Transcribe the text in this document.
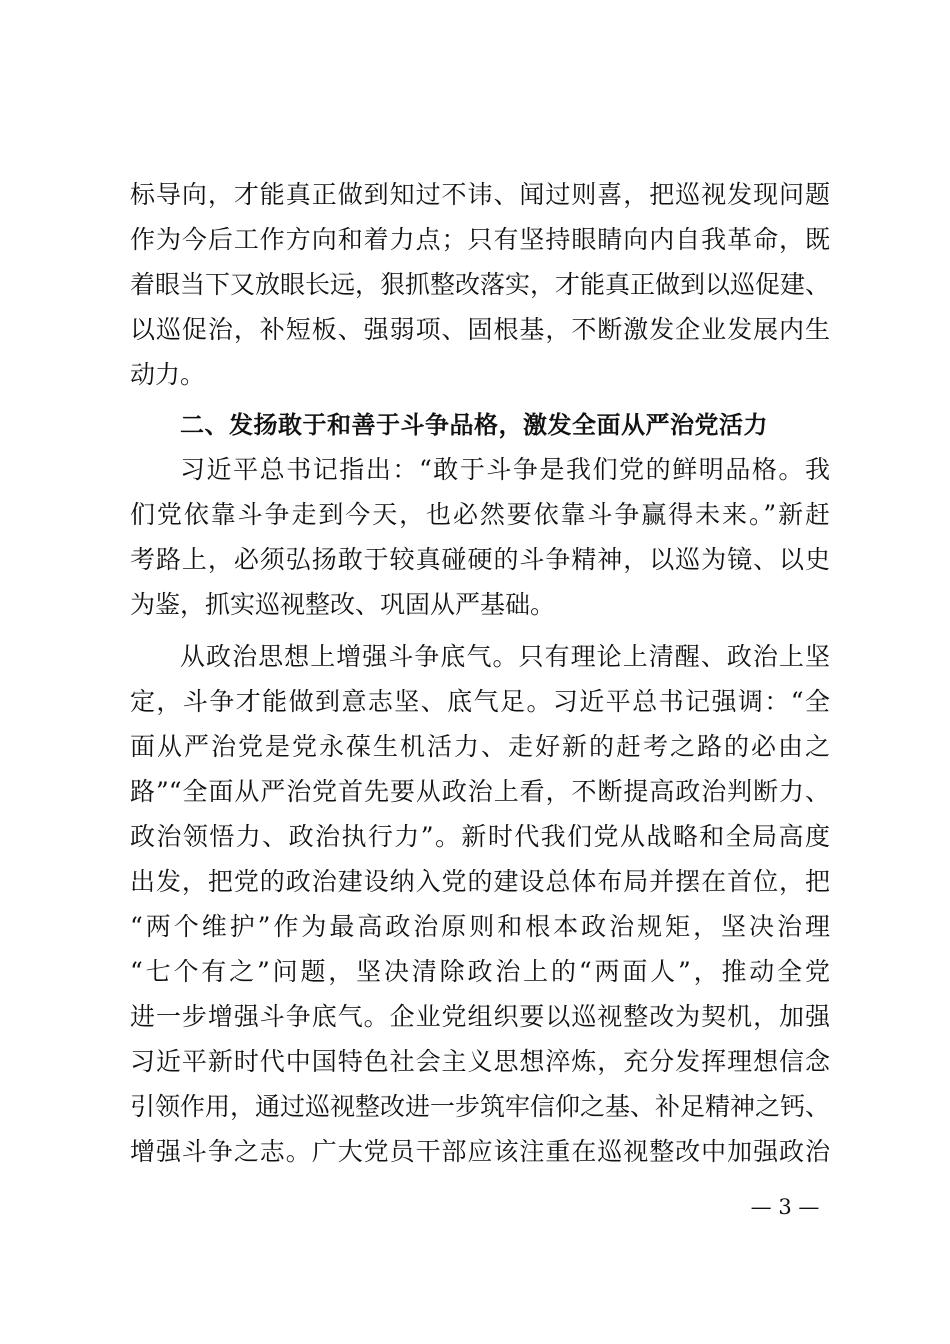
标导向，才能真正做到知过不讳、闻过则喜，把巡视发现问题
作为今后工作方向和着力点；只有坚持眼睛向内自我革命，既
着眼当下又放眼长远，狠抓整改落实，才能真正做到以巡促建、
以巡促治，补短板、强弱项、固根基，不断激发企业发展内生
动力。
二、发扬敢于和善于斗争品格，激发全面从严治党活力
习近平总书记指出：“敢于斗争是我们党的鲜明品格。我
们党依靠斗争走到今天，也必然要依靠斗争赢得未来。”新赶
考路上，必须弘扬敢于较真碰硬的斗争精神，以巡为镜、以史
为鉴，抓实巡视整改、巩固从严基础。
从政治思想上增强斗争底气。只有理论上清醒、政治上坚
定，斗争才能做到意志坚、底气足。习近平总书记强调：“全
面从严治党是党永葆生机活力、走好新的赶考之路的必由之
路”“全面从严治党首先要从政治上看，不断提高政治判断力、
政治领悟力、政治执行力”。新时代我们党从战略和全局高度
出发，把党的政治建设纳入党的建设总体布局并摆在首位，把
“两个维护”作为最高政治原则和根本政治规矩，坚决治理
“七个有之”问题，坚决清除政治上的“两面人”，推动全党
进一步增强斗争底气。企业党组织要以巡视整改为契机，加强
习近平新时代中国特色社会主义思想淬炼，充分发挥理想信念
引领作用，通过巡视整改进一步筑牢信仰之基、补足精神之钙、
增强斗争之志。广大党员干部应该注重在巡视整改中加强政治
— 3 —
